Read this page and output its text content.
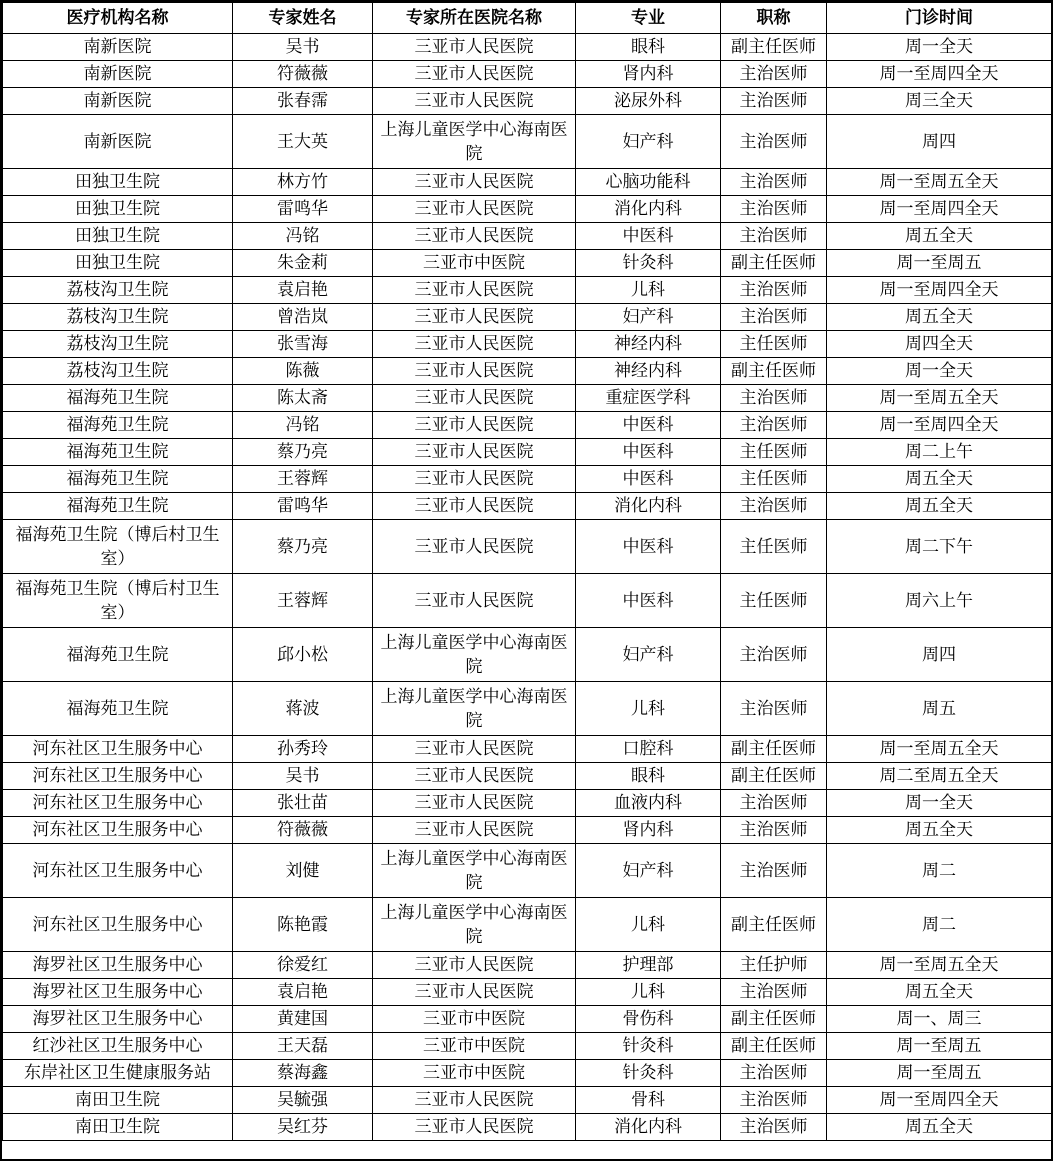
医疗机构名称	专家姓名	专家所在医院名称	专业	职称	门诊时间
南新医院	吴书	三亚市人民医院	眼科	副主任医师	周一全天
南新医院	符薇薇	三亚市人民医院	肾内科	主治医师	周一至周四全天
南新医院	张春霈	三亚市人民医院	泌尿外科	主治医师	周三全天
南新医院	王大英	上海儿童医学中心海南医院	妇产科	主治医师	周四
田独卫生院	林方竹	三亚市人民医院	心脑功能科	主治医师	周一至周五全天
田独卫生院	雷鸣华	三亚市人民医院	消化内科	主治医师	周一至周四全天
田独卫生院	冯铭	三亚市人民医院	中医科	主治医师	周五全天
田独卫生院	朱金莉	三亚市中医院	针灸科	副主任医师	周一至周五
荔枝沟卫生院	袁启艳	三亚市人民医院	儿科	主治医师	周一至周四全天
荔枝沟卫生院	曾浩岚	三亚市人民医院	妇产科	主治医师	周五全天
荔枝沟卫生院	张雪海	三亚市人民医院	神经内科	主任医师	周四全天
荔枝沟卫生院	陈薇	三亚市人民医院	神经内科	副主任医师	周一全天
福海苑卫生院	陈太斋	三亚市人民医院	重症医学科	主治医师	周一至周五全天
福海苑卫生院	冯铭	三亚市人民医院	中医科	主治医师	周一至周四全天
福海苑卫生院	蔡乃亮	三亚市人民医院	中医科	主任医师	周二上午
福海苑卫生院	王蓉辉	三亚市人民医院	中医科	主任医师	周五全天
福海苑卫生院	雷鸣华	三亚市人民医院	消化内科	主治医师	周五全天
福海苑卫生院（博后村卫生室）	蔡乃亮	三亚市人民医院	中医科	主任医师	周二下午
福海苑卫生院（博后村卫生室）	王蓉辉	三亚市人民医院	中医科	主任医师	周六上午
福海苑卫生院	邱小松	上海儿童医学中心海南医院	妇产科	主治医师	周四
福海苑卫生院	蒋波	上海儿童医学中心海南医院	儿科	主治医师	周五
河东社区卫生服务中心	孙秀玲	三亚市人民医院	口腔科	副主任医师	周一至周五全天
河东社区卫生服务中心	吴书	三亚市人民医院	眼科	副主任医师	周二至周五全天
河东社区卫生服务中心	张壮苗	三亚市人民医院	血液内科	主治医师	周一全天
河东社区卫生服务中心	符薇薇	三亚市人民医院	肾内科	主治医师	周五全天
河东社区卫生服务中心	刘健	上海儿童医学中心海南医院	妇产科	主治医师	周二
河东社区卫生服务中心	陈艳霞	上海儿童医学中心海南医院	儿科	副主任医师	周二
海罗社区卫生服务中心	徐爱红	三亚市人民医院	护理部	主任护师	周一至周五全天
海罗社区卫生服务中心	袁启艳	三亚市人民医院	儿科	主治医师	周五全天
海罗社区卫生服务中心	黄建国	三亚市中医院	骨伤科	副主任医师	周一、周三
红沙社区卫生服务中心	王天磊	三亚市中医院	针灸科	副主任医师	周一至周五
东岸社区卫生健康服务站	蔡海鑫	三亚市中医院	针灸科	主治医师	周一至周五
南田卫生院	吴毓强	三亚市人民医院	骨科	主治医师	周一至周四全天
南田卫生院	吴红芬	三亚市人民医院	消化内科	主治医师	周五全天
